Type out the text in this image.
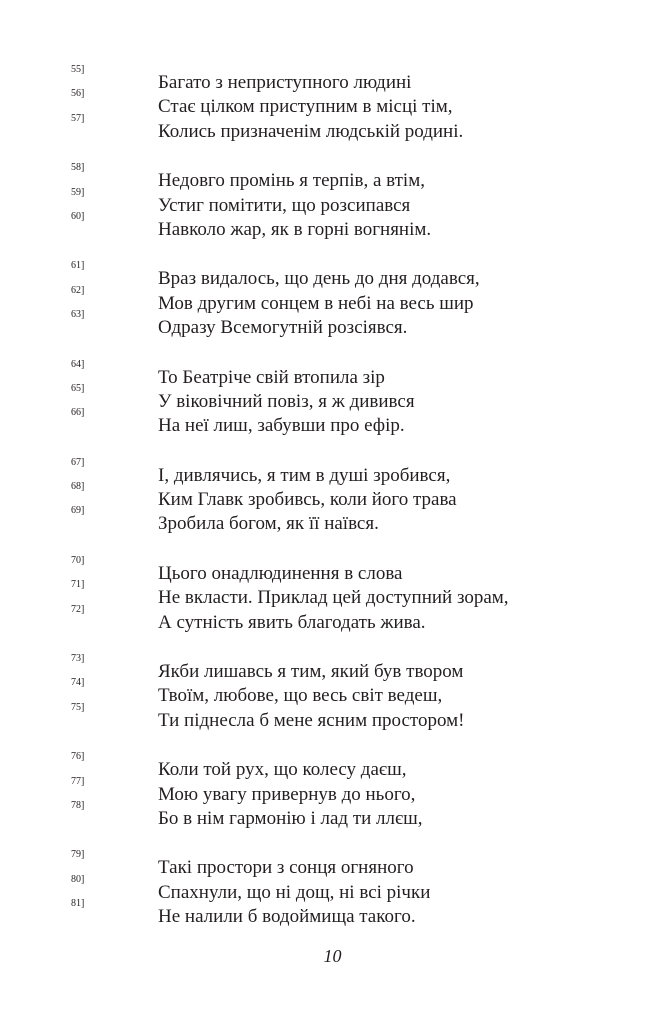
55]
Багато з неприступного людині
56]
Стає цілком приступним в місці тім,
57]
Колись призначенім людській родині.
58]
Недовго промінь я терпів, а втім,
59]
Устиг помітити, що розсипався
60]
Навколо жар, як в горні вогнянім.
61]
Враз видалось, що день до дня додався,
62]
Мов другим сонцем в небі на весь шир
63]
Одразу Всемогутній розсіявся.
64]
То Беатріче свій втопила зір
65]
У віковічний повіз, я ж дивився
66]
На неї лиш, забувши про ефір.
67]
І, дивлячись, я тим в душі зробився,
68]
Ким Главк зробивсь, коли його трава
69]
Зробила богом, як її наївся.
70]
Цього онадлюдинення в слова
71]
Не вкласти. Приклад цей доступний зорам,
72]
А сутність явить благодать жива.
73]
Якби лишавсь я тим, який був твором
74]
Твоїм, любове, що весь світ ведеш,
75]
Ти піднесла б мене ясним простором!
76]
Коли той рух, що колесу даєш,
77]
Мою увагу привернув до нього,
78]
Бо в нім гармонію і лад ти ллєш,
79]
Такі простори з сонця огняного
80]
Спахнули, що ні дощ, ні всі річки
81]
Не налили б водоймища такого.
10
